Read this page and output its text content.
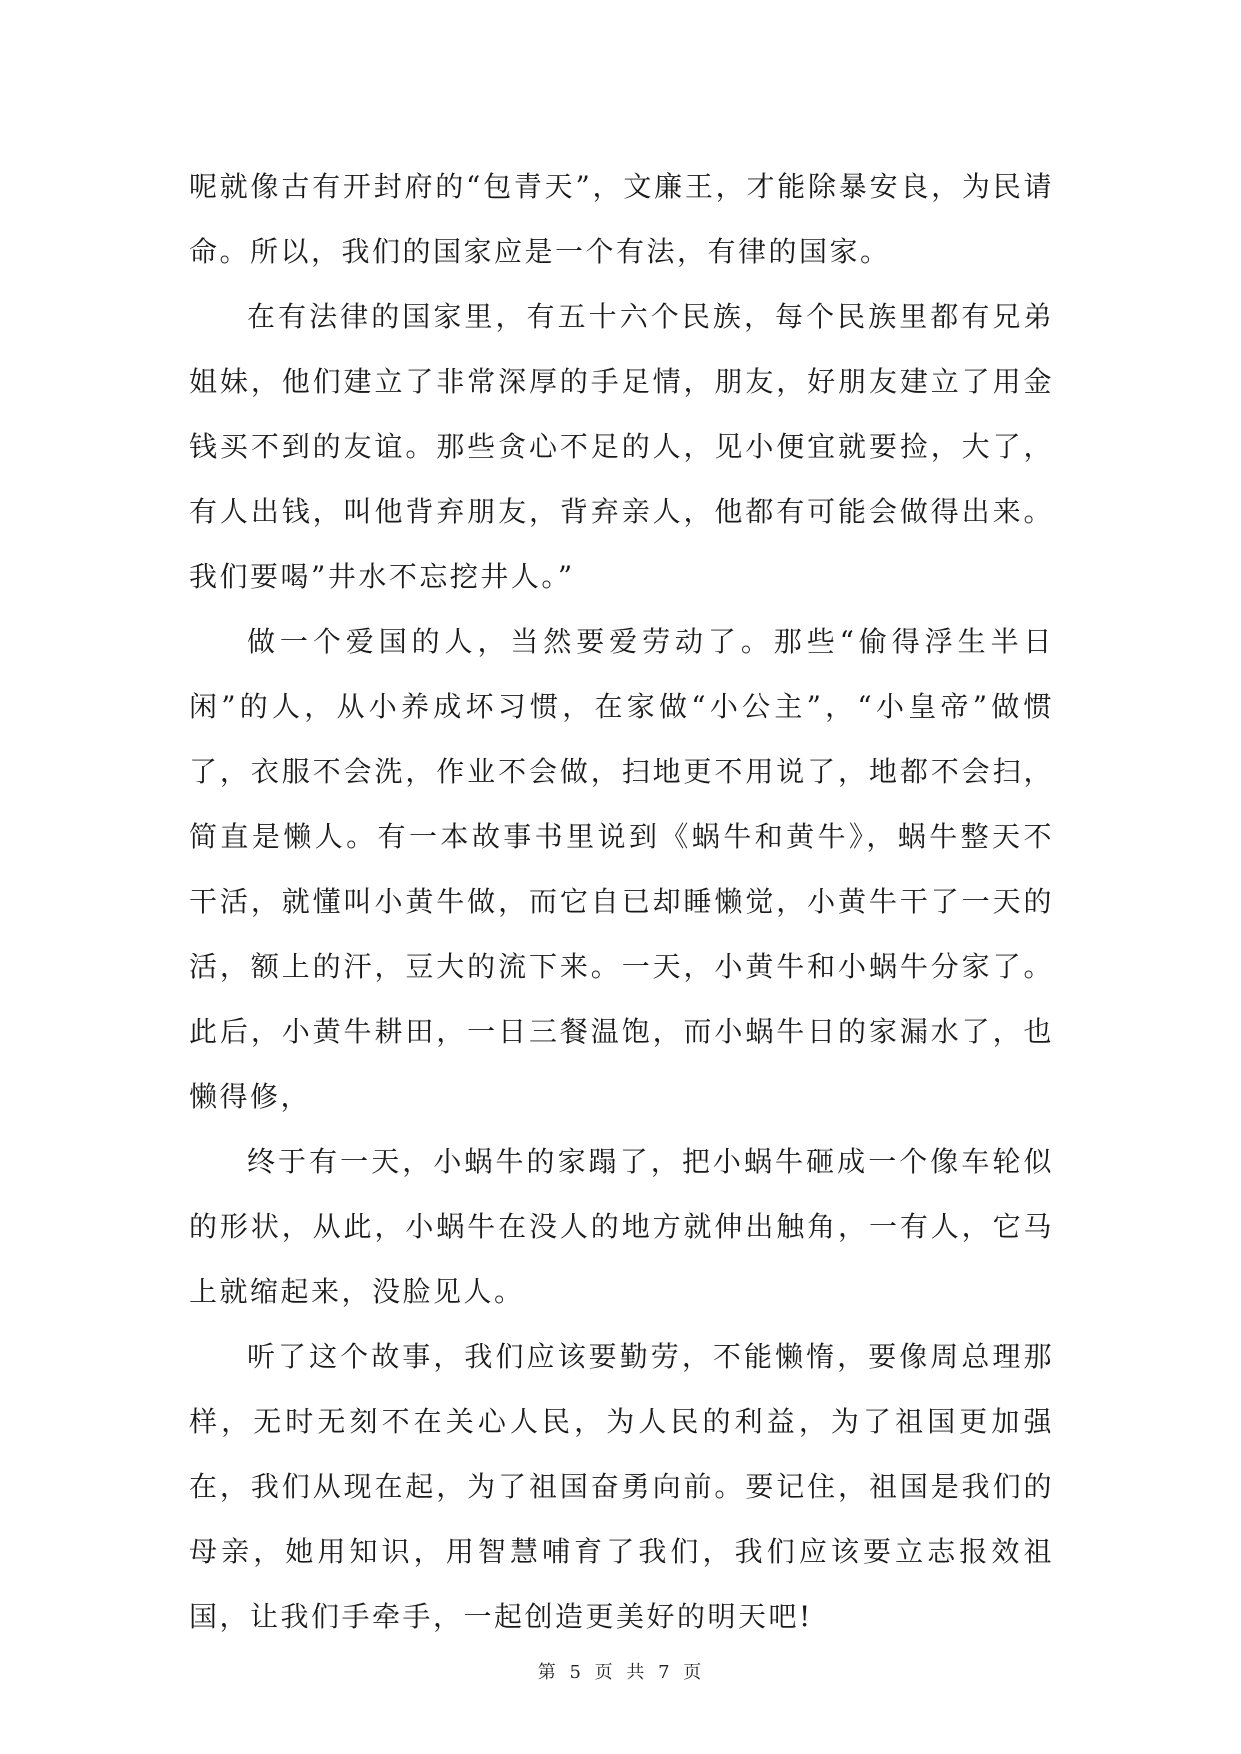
呢就像古有开封府的“包青天”，文廉王，才能除暴安良，为民请命。所以，我们的国家应是一个有法，有律的国家。

在有法律的国家里，有五十六个民族，每个民族里都有兄弟姐妹，他们建立了非常深厚的手足情，朋友，好朋友建立了用金钱买不到的友谊。那些贪心不足的人，见小便宜就要捡，大了，有人出钱，叫他背弃朋友，背弃亲人，他都有可能会做得出来。我们要喝”井水不忘挖井人。”

做一个爱国的人，当然要爱劳动了。那些“偷得浮生半日闲”的人，从小养成坏习惯，在家做“小公主”，“小皇帝”做惯了，衣服不会洗，作业不会做，扫地更不用说了，地都不会扫，简直是懒人。有一本故事书里说到《蜗牛和黄牛》，蜗牛整天不干活，就懂叫小黄牛做，而它自已却睡懒觉，小黄牛干了一天的活，额上的汗，豆大的流下来。一天，小黄牛和小蜗牛分家了。此后，小黄牛耕田，一日三餐温饱，而小蜗牛日的家漏水了，也懒得修，

终于有一天，小蜗牛的家蹋了，把小蜗牛砸成一个像车轮似的形状，从此，小蜗牛在没人的地方就伸出触角，一有人，它马上就缩起来，没脸见人。

听了这个故事，我们应该要勤劳，不能懒惰，要像周总理那样，无时无刻不在关心人民，为人民的利益，为了祖国更加强在，我们从现在起，为了祖国奋勇向前。要记住，祖国是我们的母亲，她用知识，用智慧哺育了我们，我们应该要立志报效祖国，让我们手牵手，一起创造更美好的明天吧!

第 5 页 共 7 页
